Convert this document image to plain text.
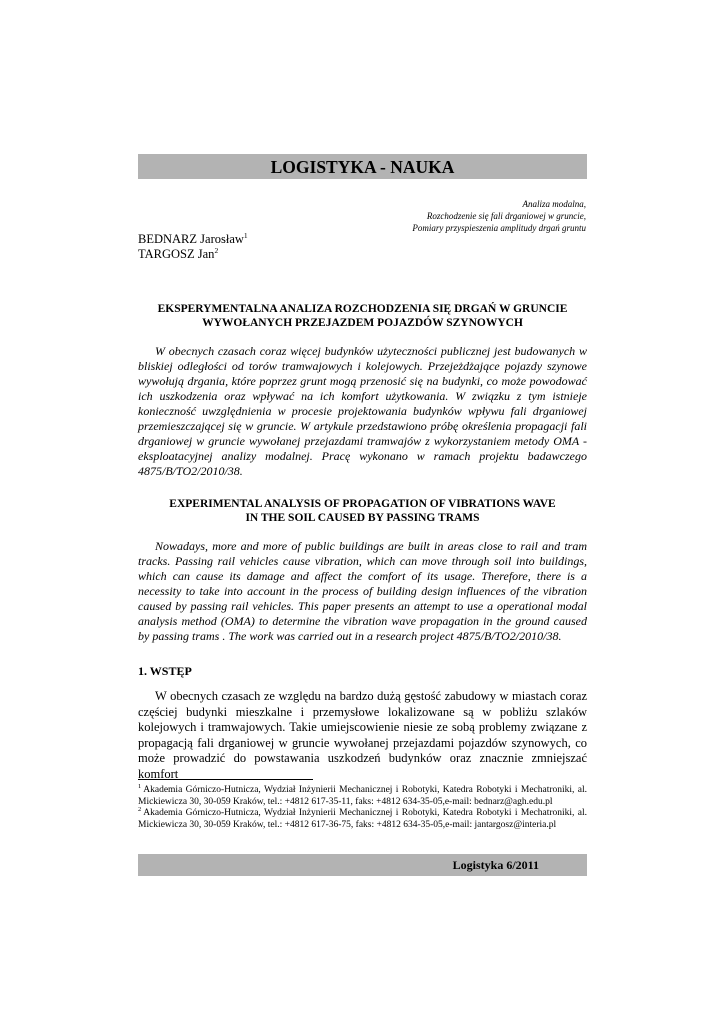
LOGISTYKA - NAUKA
Analiza modalna,
Rozchodzenie się fali drganiowej w gruncie,
Pomiary przyspieszenia amplitudy drgań gruntu
BEDNARZ Jarosław$^1$
TARGOSZ Jan$^2$
EKSPERYMENTALNA ANALIZA ROZCHODZENIA SIĘ DRGAŃ W GRUNCIE
WYWOŁANYCH PRZEJAZDEM POJAZDÓW SZYNOWYCH

W obecnych czasach coraz więcej budynków użyteczności publicznej jest budowanych w bliskiej odległości od torów tramwajowych i kolejowych. Przejeżdżające pojazdy szynowe wywołują drgania, które poprzez grunt mogą przenosić się na budynki, co może powodować ich uszkodzenia oraz wpływać na ich komfort użytkowania. W związku z tym istnieje konieczność uwzględnienia w procesie projektowania budynków wpływu fali drganiowej przemieszczającej się w gruncie. W artykule przedstawiono próbę określenia propagacji fali drganiowej w gruncie wywołanej przejazdami tramwajów z wykorzystaniem metody OMA - eksploatacyjnej analizy modalnej. Pracę wykonano w ramach projektu badawczego 4875/B/TO2/2010/38.

EXPERIMENTAL ANALYSIS OF PROPAGATION OF VIBRATIONS WAVE
IN THE SOIL CAUSED BY PASSING TRAMS

Nowadays, more and more of public buildings are built in areas close to rail and tram tracks. Passing rail vehicles cause vibration, which can move through soil into buildings, which can cause its damage and affect the comfort of its usage. Therefore, there is a necessity to take into account in the process of building design influences of the vibration caused by passing rail vehicles. This paper presents an attempt to use a operational modal analysis method (OMA) to determine the vibration wave propagation in the ground caused by passing trams . The work was carried out in a research project 4875/B/TO2/2010/38.

1. WSTĘP

W obecnych czasach ze względu na bardzo dużą gęstość zabudowy w miastach coraz częściej budynki mieszkalne i przemysłowe lokalizowane są w pobliżu szlaków kolejowych i tramwajowych. Takie umiejscowienie niesie ze sobą problemy związane z propagacją fali drganiowej w gruncie wywołanej przejazdami pojazdów szynowych, co może prowadzić do powstawania uszkodzeń budynków oraz znacznie zmniejszać komfort

$^1$ Akademia Górniczo-Hutnicza, Wydział Inżynierii Mechanicznej i Robotyki, Katedra Robotyki i Mechatroniki, al. Mickiewicza 30, 30-059 Kraków, tel.: +4812 617-35-11, faks: +4812 634-35-05,e-mail: bednarz@agh.edu.pl

$^2$ Akademia Górniczo-Hutnicza, Wydział Inżynierii Mechanicznej i Robotyki, Katedra Robotyki i Mechatroniki, al. Mickiewicza 30, 30-059 Kraków, tel.: +4812 617-36-75, faks: +4812 634-35-05,e-mail: jantargosz@interia.pl

Logistyka 6/2011
